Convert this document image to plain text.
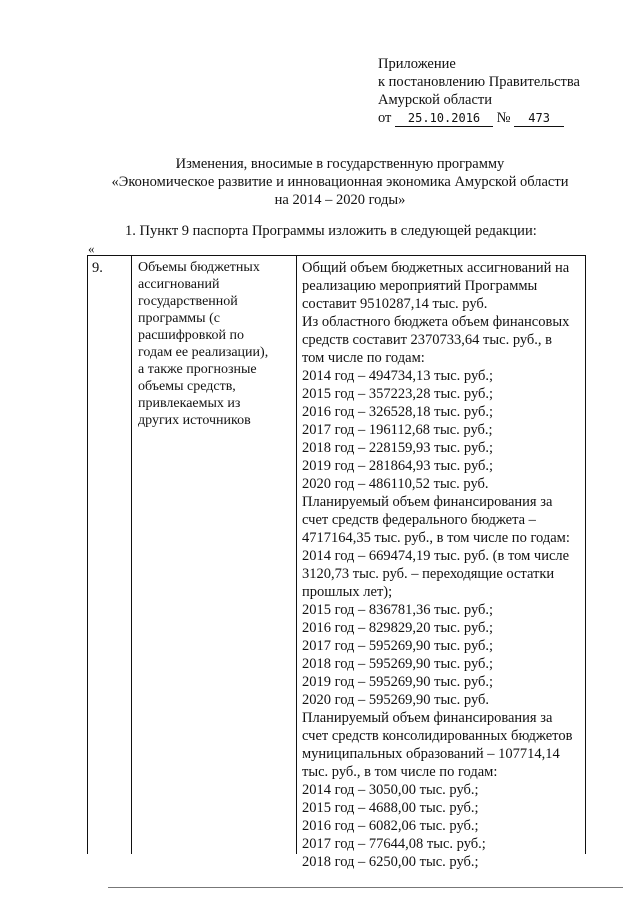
Приложение
к постановлению Правительства
Амурской области
от 25.10.2016 № 473
Изменения, вносимые в государственную программу
«Экономическое развитие и инновационная экономика Амурской области
на 2014 – 2020 годы»
1. Пункт 9 паспорта Программы изложить в следующей редакции:
«
9.	Объемы бюджетных
ассигнований
государственной
программы (с
расшифровкой по
годам ее реализации),
а также прогнозные
объемы средств,
привлекаемых из
других источников
Общий объем бюджетных ассигнований на
реализацию мероприятий Программы
составит 9510287,14 тыс. руб.
Из областного бюджета объем финансовых
средств составит 2370733,64 тыс. руб., в
том числе по годам:
2014 год – 494734,13 тыс. руб.;
2015 год – 357223,28 тыс. руб.;
2016 год – 326528,18 тыс. руб.;
2017 год – 196112,68 тыс. руб.;
2018 год – 228159,93 тыс. руб.;
2019 год – 281864,93 тыс. руб.;
2020 год – 486110,52 тыс. руб.
Планируемый объем финансирования за
счет средств федерального бюджета –
4717164,35 тыс. руб., в том числе по годам:
2014 год – 669474,19 тыс. руб. (в том числе
3120,73 тыс. руб. – переходящие остатки
прошлых лет);
2015 год – 836781,36 тыс. руб.;
2016 год – 829829,20 тыс. руб.;
2017 год – 595269,90 тыс. руб.;
2018 год – 595269,90 тыс. руб.;
2019 год – 595269,90 тыс. руб.;
2020 год – 595269,90 тыс. руб.
Планируемый объем финансирования за
счет средств консолидированных бюджетов
муниципальных образований – 107714,14
тыс. руб., в том числе по годам:
2014 год – 3050,00 тыс. руб.;
2015 год – 4688,00 тыс. руб.;
2016 год – 6082,06 тыс. руб.;
2017 год – 77644,08 тыс. руб.;
2018 год – 6250,00 тыс. руб.;
